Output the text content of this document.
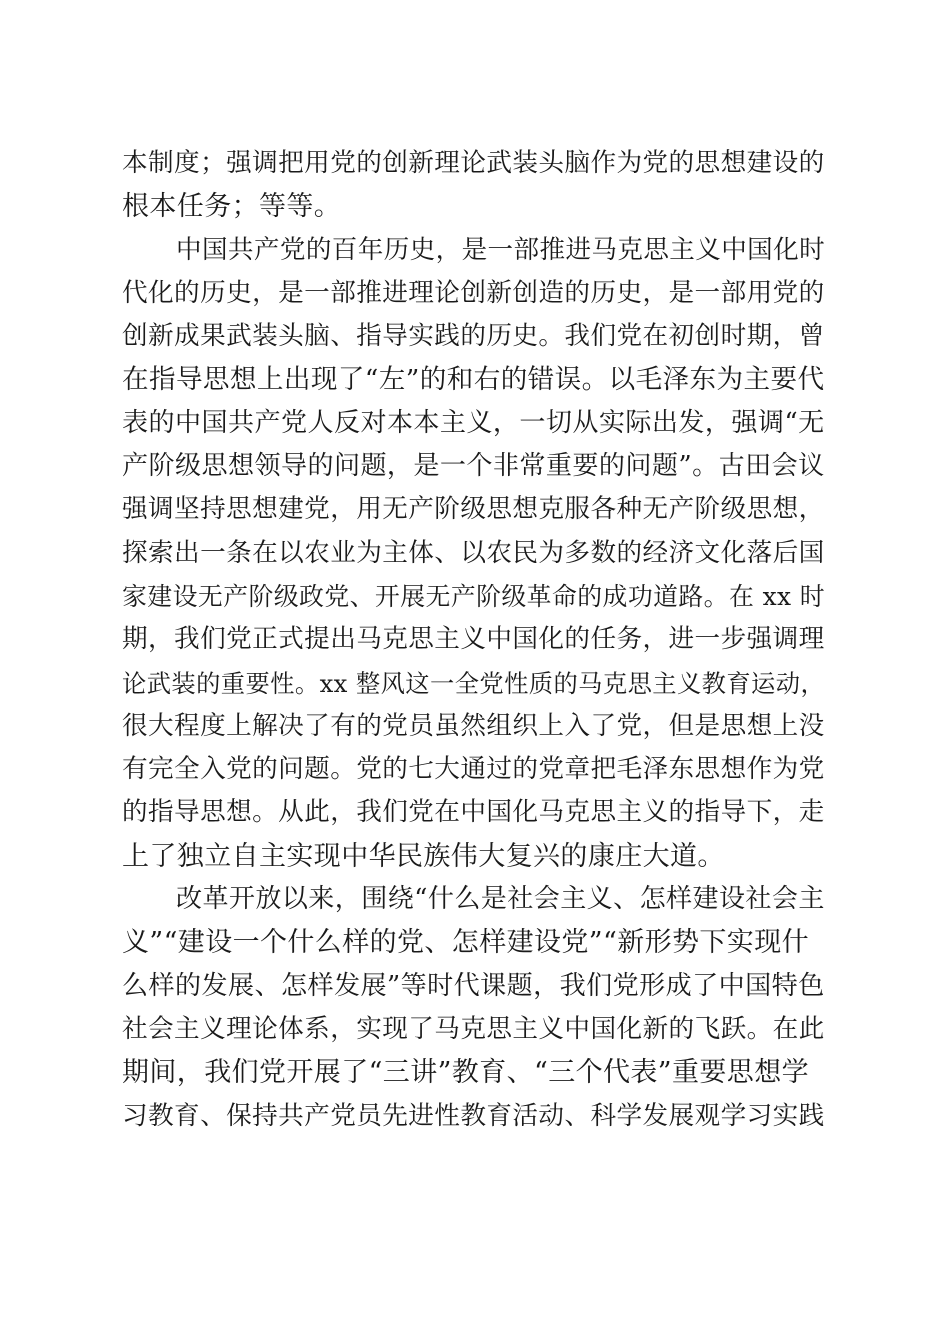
本制度；强调把用党的创新理论武装头脑作为党的思想建设的
根本任务；等等。
中国共产党的百年历史，是一部推进马克思主义中国化时
代化的历史，是一部推进理论创新创造的历史，是一部用党的
创新成果武装头脑、指导实践的历史。我们党在初创时期，曾
在指导思想上出现了“左”的和右的错误。以毛泽东为主要代
表的中国共产党人反对本本主义，一切从实际出发，强调“无
产阶级思想领导的问题，是一个非常重要的问题”。古田会议
强调坚持思想建党，用无产阶级思想克服各种无产阶级思想，
探索出一条在以农业为主体、以农民为多数的经济文化落后国
家建设无产阶级政党、开展无产阶级革命的成功道路。在 xx 时
期，我们党正式提出马克思主义中国化的任务，进一步强调理
论武装的重要性。xx 整风这一全党性质的马克思主义教育运动，
很大程度上解决了有的党员虽然组织上入了党，但是思想上没
有完全入党的问题。党的七大通过的党章把毛泽东思想作为党
的指导思想。从此，我们党在中国化马克思主义的指导下，走
上了独立自主实现中华民族伟大复兴的康庄大道。
改革开放以来，围绕“什么是社会主义、怎样建设社会主
义”“建设一个什么样的党、怎样建设党”“新形势下实现什
么样的发展、怎样发展”等时代课题，我们党形成了中国特色
社会主义理论体系，实现了马克思主义中国化新的飞跃。在此
期间，我们党开展了“三讲”教育、“三个代表”重要思想学
习教育、保持共产党员先进性教育活动、科学发展观学习实践
